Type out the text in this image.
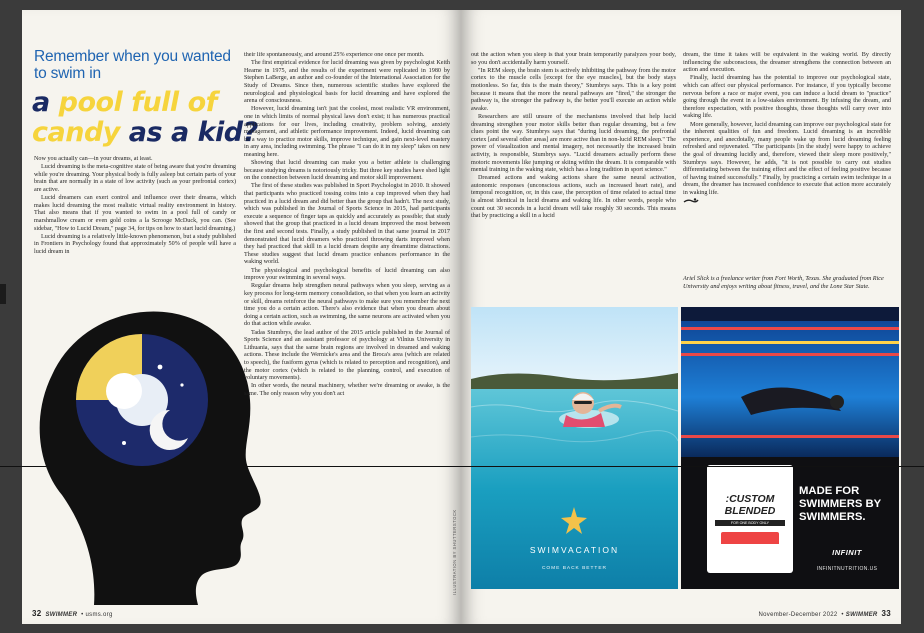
Remember when you wanted
to swim in
a pool full of
candy as a kid?

Now you actually can—in your dreams, at least.

Lucid dreaming is the meta-cognitive state of being aware that you're dreaming while you're dreaming. Your physical body is fully asleep but certain parts of your brain that are normally in a state of low activity (such as your prefrontal cortex) are active.

Lucid dreamers can exert control and influence over their dreams, which makes lucid dreaming the most realistic virtual reality environment in history. That also means that if you wanted to swim in a pool full of candy or marshmallow cream or even gold coins a la Scrooge McDuck, you can. (See sidebar, "How to Lucid Dream," page 34, for tips on how to start lucid dreaming.)

Lucid dreaming is a relatively little-known phenomenon, but a study published in Frontiers in Psychology found that approximately 50% of people will have a lucid dream in

their life spontaneously, and around 25% experience one once per month.

The first empirical evidence for lucid dreaming was given by psychologist Keith Hearne in 1975, and the results of the experiment were replicated in 1980 by Stephen LaBerge, an author and co-founder of the International Association for the Study of Dreams. Since then, numerous scientific studies have explored the neurological and physiological basis for lucid dreaming and have explored the arena of consciousness.

However, lucid dreaming isn't just the coolest, most realistic VR environment, one in which limits of normal physical laws don't exist; it has numerous practical applications for our lives, including creativity, problem solving, anxiety management, and athletic performance improvement. Indeed, lucid dreaming can be a way to practice motor skills, improve technique, and gain next-level mastery in any area, including swimming. The phrase "I can do it in my sleep" takes on new meaning here.

Showing that lucid dreaming can make you a better athlete is challenging because studying dreams is notoriously tricky. But three key studies have shed light on the connection between lucid dreaming and motor skill improvement.

The first of these studies was published in Sport Psychologist in 2010. It showed that participants who practiced tossing coins into a cup improved when they had practiced in a lucid dream and did better than the group that hadn't. The next study, which was published in the Journal of Sports Science in 2015, had participants execute a sequence of finger taps as quickly and accurately as possible; that study showed that the group that practiced in a lucid dream improved the most between the first and second tests. Finally, a study published in that same journal in 2017 demonstrated that lucid dreamers who practiced throwing darts improved when they had practiced that skill in a lucid dream despite any dreamtime distractions. These studies suggest that lucid dream practice enhances performance in the waking world.

The physiological and psychological benefits of lucid dreaming can also improve your swimming in several ways.

Regular dreams help strengthen neural pathways when you sleep, serving as a key process for long-term memory consolidation, so that when you learn an activity or skill, dreams reinforce the neural pathways to make sure you remember the next time you do a certain action. There's also evidence that when you dream about doing a certain action, such as swimming, the same neurons are activated when you do that action while awake.

Tadas Stumbrys, the lead author of the 2015 article published in the Journal of Sports Science and an assistant professor of psychology at Vilnius University in Lithuania, says that the same brain regions are involved in dreamed and waking actions. These include the Wernicke's area and the Broca's area (which are related to speech), the fusiform gyrus (which is related to perception and recognition), and the motor cortex (which is related to the planning, control, and execution of voluntary movements).

In other words, the neural machinery, whether we're dreaming or awake, is the same. The only reason why you don't act

ILLUSTRATION BY SHUTTERSTOCK
32 SWIMMER  • usms.org

out the action when you sleep is that your brain temporarily paralyzes your body, so you don't accidentally harm yourself.

"In REM sleep, the brain stem is actively inhibiting the pathway from the motor cortex to the muscle cells [except for the eye muscles], but the body stays motionless. So far, this is the main theory," Stumbrys says. This is a key point because it means that the more the neural pathways are "fired," the stronger the pathway is, the stronger the pathway is, the better you'll execute an action while awake.

Researchers are still unsure of the mechanisms involved that help lucid dreaming strengthen your motor skills better than regular dreaming, but a few clues point the way. Stumbrys says that "during lucid dreaming, the prefrontal cortex [and several other areas] are more active than in non-lucid REM sleep." The power of visualization and mental imagery, not necessarily the increased brain activity, is responsible, Stumbrys says. "Lucid dreamers actually perform these motoric movements like jumping or skiing within the dream. It is comparable with mental training in the waking state, which has a long tradition in sport science."

Dreamed actions and waking actions share the same neural activation, autonomic responses (unconscious actions, such as increased heart rate), and temporal recognition, or, in this case, the perception of time related to actual time is almost identical in lucid dreams and waking life. In other words, people who count out 30 seconds in a lucid dream will take roughly 30 seconds. This means that by practicing a skill in a lucid

dream, the time it takes will be equivalent in the waking world. By directly influencing the subconscious, the dreamer strengthens the connection between an action and execution.

Finally, lucid dreaming has the potential to improve our psychological state, which can affect our physical performance. For instance, if you typically become nervous before a race or major event, you can induce a lucid dream to "practice" going through the event in a low-stakes environment. By infusing the dream, and therefore expectation, with positive thoughts, those thoughts will carry over into waking life.

More generally, however, lucid dreaming can improve our psychological state for the inherent qualities of fun and freedom. Lucid dreaming is an incredible experience, and anecdotally, many people wake up from lucid dreaming feeling refreshed and rejuvenated. "The participants [in the study] were happy to achieve the goal of dreaming lucidly and, therefore, viewed their sleep more positively," Stumbrys says. However, he adds, "it is not possible to carry out studies differentiating between the training effect and the effect of feeling positive because of having trained successfully." Finally, by practicing a certain swim technique in a dream, the dreamer has increased confidence to execute that action more accurately in waking life.

Ariel Slick is a freelance writer from Fort Worth, Texas. She graduated from Rice University and enjoys writing about fitness, travel, and the Lone Star State.
SWIMVACATION
COME BACK BETTER
:CUSTOM
BLENDED
FOR ONE BODY ONLY
MADE FOR SWIMMERS BY SWIMMERS.
INFINIT
INFINITNUTRITION.US
November-December 2022  • SWIMMER 33
